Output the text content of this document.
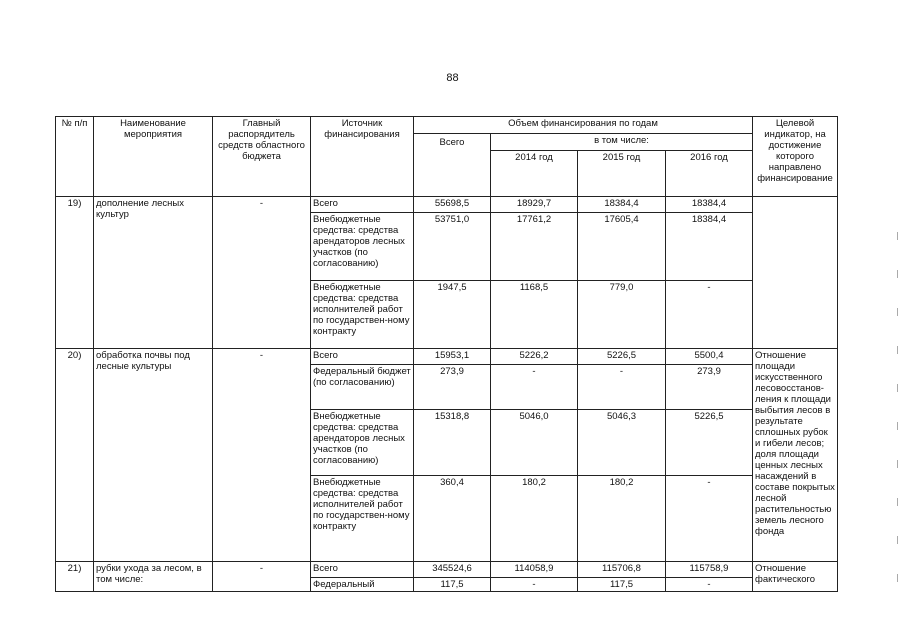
88
№ п/п	Наименование мероприятия	Главный распорядитель средств областного бюджета	Источник финансирования	Объем финансирования по годам				Целевой индикатор, на достижение которого направлено финансирование
				Всего	в том числе:			
					2014 год	2015 год	2016 год	
19)	дополнение лесных культур	-	Всего	55698,5	18929,7	18384,4	18384,4	
			Внебюджетные средства: средства арендаторов лесных участков (по согласованию)	53751,0	17761,2	17605,4	18384,4	
			Внебюджетные средства: средства исполнителей работ по государствен-ному контракту	1947,5	1168,5	779,0	-	
20)	обработка почвы под лесные культуры	-	Всего	15953,1	5226,2	5226,5	5500,4	Отношение площади искусственного лесовосстанов-ления к площади выбытия лесов в результате сплошных рубок и гибели лесов; доля площади ценных лесных насаждений в составе покрытых лесной растительностью земель лесного фонда
			Федеральный бюджет (по согласованию)	273,9	-	-	273,9	
			Внебюджетные средства: средства арендаторов лесных участков (по согласованию)	15318,8	5046,0	5046,3	5226,5	
			Внебюджетные средства: средства исполнителей работ по государствен-ному контракту	360,4	180,2	180,2	-	
21)	рубки ухода за лесом, в том числе:	-	Всего	345524,6	114058,9	115706,8	115758,9	Отношение фактического
			Федеральный	117,5	-	117,5	-	
